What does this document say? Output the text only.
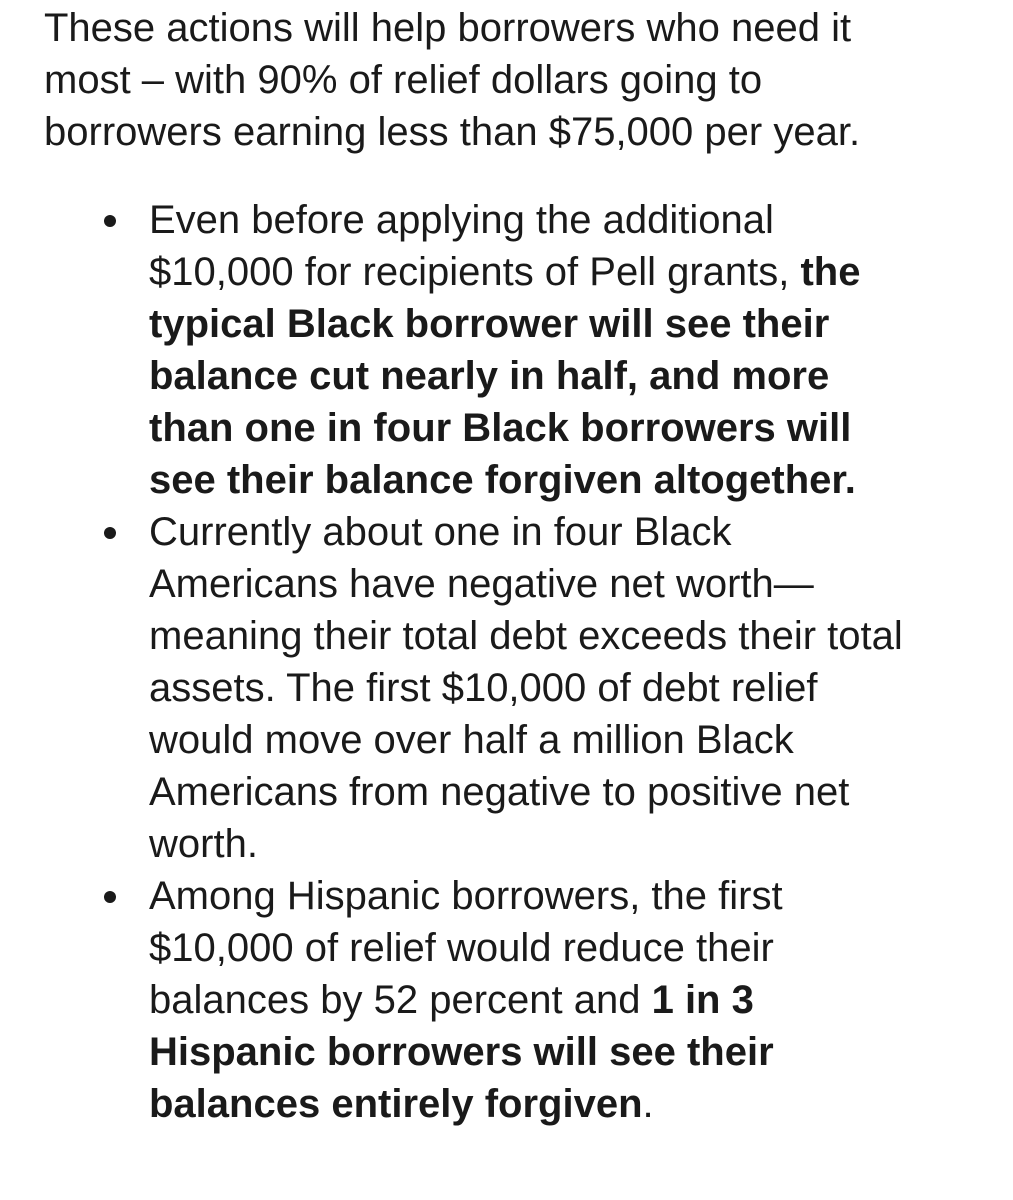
These actions will help borrowers who need it
most – with 90% of relief dollars going to
borrowers earning less than $75,000 per year.

Even before applying the additional
$10,000 for recipients of Pell grants, the
typical Black borrower will see their
balance cut nearly in half, and more
than one in four Black borrowers will
see their balance forgiven altogether.
Currently about one in four Black
Americans have negative net worth—
meaning their total debt exceeds their total
assets. The first $10,000 of debt relief
would move over half a million Black
Americans from negative to positive net
worth.
Among Hispanic borrowers, the first
$10,000 of relief would reduce their
balances by 52 percent and 1 in 3
Hispanic borrowers will see their
balances entirely forgiven.
